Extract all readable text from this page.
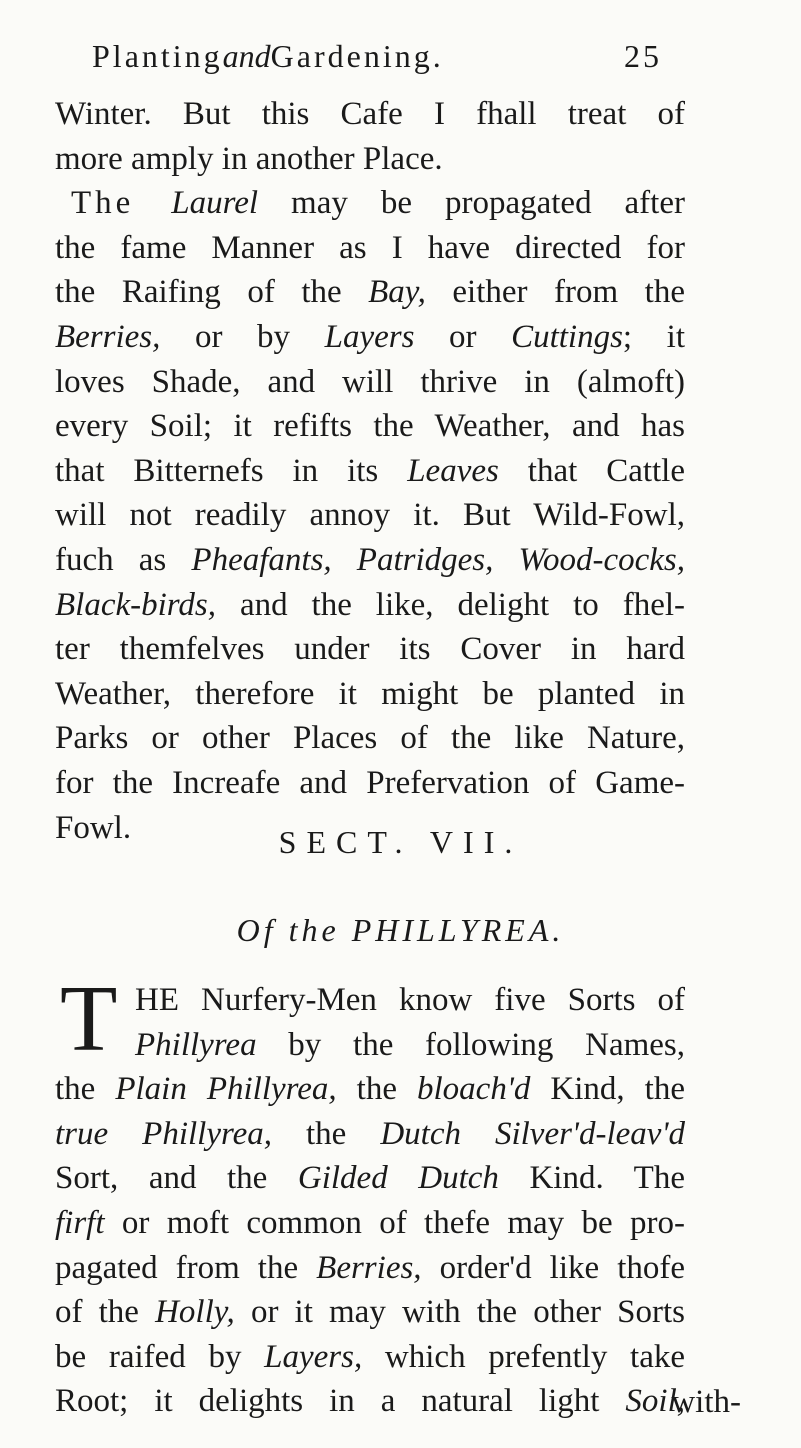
PlantingandGardening.	25
Winter. But this Cafe I fhall treat of
more amply in another Place.
The Laurel may be propagated after
the fame Manner as I have directed for
the Raifing of the Bay, either from the
Berries, or by Layers or Cuttings; it
loves Shade, and will thrive in (almoft)
every Soil; it refifts the Weather, and has
that Bitternefs in its Leaves that Cattle
will not readily annoy it. But Wild-Fowl,
fuch as Pheafants, Patridges, Wood-cocks,
Black-birds, and the like, delight to fhel-
ter themfelves under its Cover in hard
Weather, therefore it might be planted in
Parks or other Places of the like Nature,
for the Increafe and Prefervation of Game-
Fowl.	SECT. VII.
Of the PHILLYREA.
T HE Nurfery-Men know five Sorts of
Phillyrea by the following Names,
the Plain Phillyrea, the bloach'd Kind, the
true Phillyrea, the Dutch Silver'd-leav'd
Sort, and the Gilded Dutch Kind. The
firft or moft common of thefe may be pro-
pagated from the Berries, order'd like thofe
of the Holly, or it may with the other Sorts
be raifed by Layers, which prefently take
Root; it delights in a natural light Soil,
with-
